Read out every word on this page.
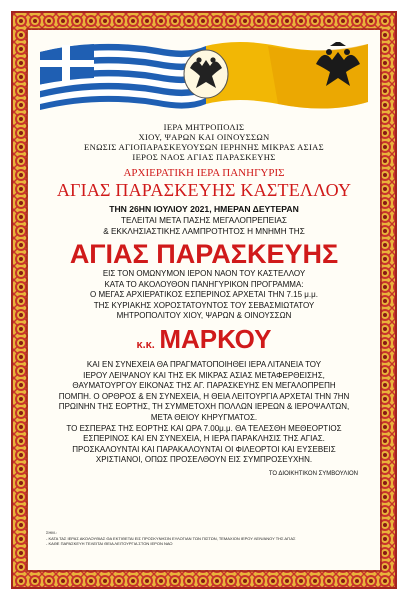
ΙΕΡΑ ΜΗΤΡΟΠΟΛΙΣ
ΧΙΟΥ, ΨΑΡΩΝ ΚΑΙ ΟΙΝΟΥΣΣΩΝ
ΕΝΩΣΙΣ ΑΓΙΟΠΑΡΑΣΚΕΥΟΥΣΩΝ ΙΕΡΗΝΗΣ ΜΙΚΡΑΣ ΑΣΙΑΣ
ΙΕΡΟΣ ΝΑΟΣ ΑΓΙΑΣ ΠΑΡΑΣΚΕΥΗΣ
ΑΡΧΙΕΡΑΤΙΚΗ ΙΕΡΑ ΠΑΝΗΓΥΡΙΣ
ΑΓΙΑΣ ΠΑΡΑΣΚΕΥΗΣ ΚΑΣΤΕΛΛΟΥ
ΤΗΝ 26ΗΝ ΙΟΥΛΙΟΥ 2021, ΗΜΕΡΑΝ ΔΕΥΤΕΡΑΝ
ΤΕΛΕΙΤΑΙ ΜΕΤΑ ΠΑΣΗΣ ΜΕΓΑΛΟΠΡΕΠΕΙΑΣ
& ΕΚΚΛΗΣΙΑΣΤΙΚΗΣ ΛΑΜΠΡΟΤΗΤΟΣ Η ΜΝΗΜΗ ΤΗΣ
ΑΓΙΑΣ ΠΑΡΑΣΚΕΥΗΣ
ΕΙΣ ΤΟΝ ΟΜΩΝΥΜΟΝ ΙΕΡΟΝ ΝΑΟΝ ΤΟΥ ΚΑΣΤΕΛΛΟΥ
ΚΑΤΑ ΤΟ ΑΚΟΛΟΥΘΟΝ ΠΑΝΗΓΥΡΙΚΟΝ ΠΡΟΓΡΑΜΜΑ:
Ο ΜΕΓΑΣ ΑΡΧΙΕΡΑΤΙΚΟΣ ΕΣΠΕΡΙΝΟΣ ΑΡΧΕΤΑΙ ΤΗΝ 7.15 μ.μ.
ΤΗΣ ΚΥΡΙΑΚΗΣ ΧΟΡΟΣΤΑΤΟΥΝΤΟΣ ΤΟΥ ΣΕΒΑΣΜΙΩΤΑΤΟΥ
ΜΗΤΡΟΠΟΛΙΤΟΥ ΧΙΟΥ, ΨΑΡΩΝ & ΟΙΝΟΥΣΣΩΝ
κ.κ. ΜΑΡΚΟΥ
ΚΑΙ ΕΝ ΣΥΝΕΧΕΙΑ ΘΑ ΠΡΑΓΜΑΤΟΠΟΙΗΘΕΙ ΙΕΡΑ ΛΙΤΑΝΕΙΑ ΤΟΥ
ΙΕΡΟΥ ΛΕΙΨΑΝΟΥ ΚΑΙ ΤΗΣ ΕΚ ΜΙΚΡΑΣ ΑΣΙΑΣ ΜΕΤΑΦΕΡΘΕΙΣΗΣ,
ΘΑΥΜΑΤΟΥΡΓΟΥ ΕΙΚΟΝΑΣ ΤΗΣ ΑΓ. ΠΑΡΑΣΚΕΥΗΣ ΕΝ ΜΕΓΑΛΟΠΡΕΠΗ
ΠΟΜΠΗ. Ο ΟΡΘΡΟΣ & ΕΝ ΣΥΝΕΧΕΙΑ, Η ΘΕΙΑ ΛΕΙΤΟΥΡΓΙΑ ΑΡΧΕΤΑΙ ΤΗΝ 7ΗΝ
ΠΡΩΙΝΗΝ ΤΗΣ ΕΟΡΤΗΣ, ΤΗ ΣΥΜΜΕΤΟΧΗ ΠΟΛΛΩΝ ΙΕΡΕΩΝ & ΙΕΡΟΨΑΛΤΩΝ,
ΜΕΤΑ ΘΕΙΟΥ ΚΗΡΥΓΜΑΤΟΣ.
ΤΟ ΕΣΠΕΡΑΣ ΤΗΣ ΕΟΡΤΗΣ ΚΑΙ ΩΡΑ 7.00μ.μ. ΘΑ ΤΕΛΕΣΘΗ ΜΕΘΕΟΡΤΙΟΣ
ΕΣΠΕΡΙΝΟΣ ΚΑΙ ΕΝ ΣΥΝΕΧΕΙΑ, Η ΙΕΡΑ ΠΑΡΑΚΛΗΣΙΣ ΤΗΣ ΑΓΙΑΣ.
ΠΡΟΣΚΑΛΟΥΝΤΑΙ ΚΑΙ ΠΑΡΑΚΑΛΟΥΝΤΑΙ ΟΙ ΦΙΛΕΟΡΤΟΙ ΚΑΙ ΕΥΣΕΒΕΙΣ
ΧΡΙΣΤΙΑΝΟΙ, ΟΠΩΣ ΠΡΟΣΕΛΘΟΥΝ ΕΙΣ ΣΥΜΠΡΟΣΕΥΧΗΝ.
ΤΟ ΔΙΟΙΚΗΤΙΚΟΝ ΣΥΜΒΟΥΛΙΟΝ
ΣΗΜ.:
- ΚΑΤΑ ΤΑΣ ΙΕΡΑΣ ΑΚΟΛΟΥΘΙΑΣ ΘΑ ΕΚΤΙΘΕΤΑΙ ΕΙΣ ΠΡΟΣΚΥΝΗΣΙΝ ΕΥΛΟΓΙΑΝ ΤΩΝ ΠΙΣΤΩΝ, ΤΕΜΑΧΙΟΝ ΙΕΡΟΥ ΛΕΙΨΑΝΟΥ ΤΗΣ ΑΓΙΑΣ
- ΚΑΘΕ ΠΑΡΑΣΚΕΥΗ ΤΕΛΕΙΤΑΙ ΘΕΙΑ ΛΕΙΤΟΥΡΓΙΑ ΣΤΟΝ ΙΕΡΟΝ ΝΑΟ
